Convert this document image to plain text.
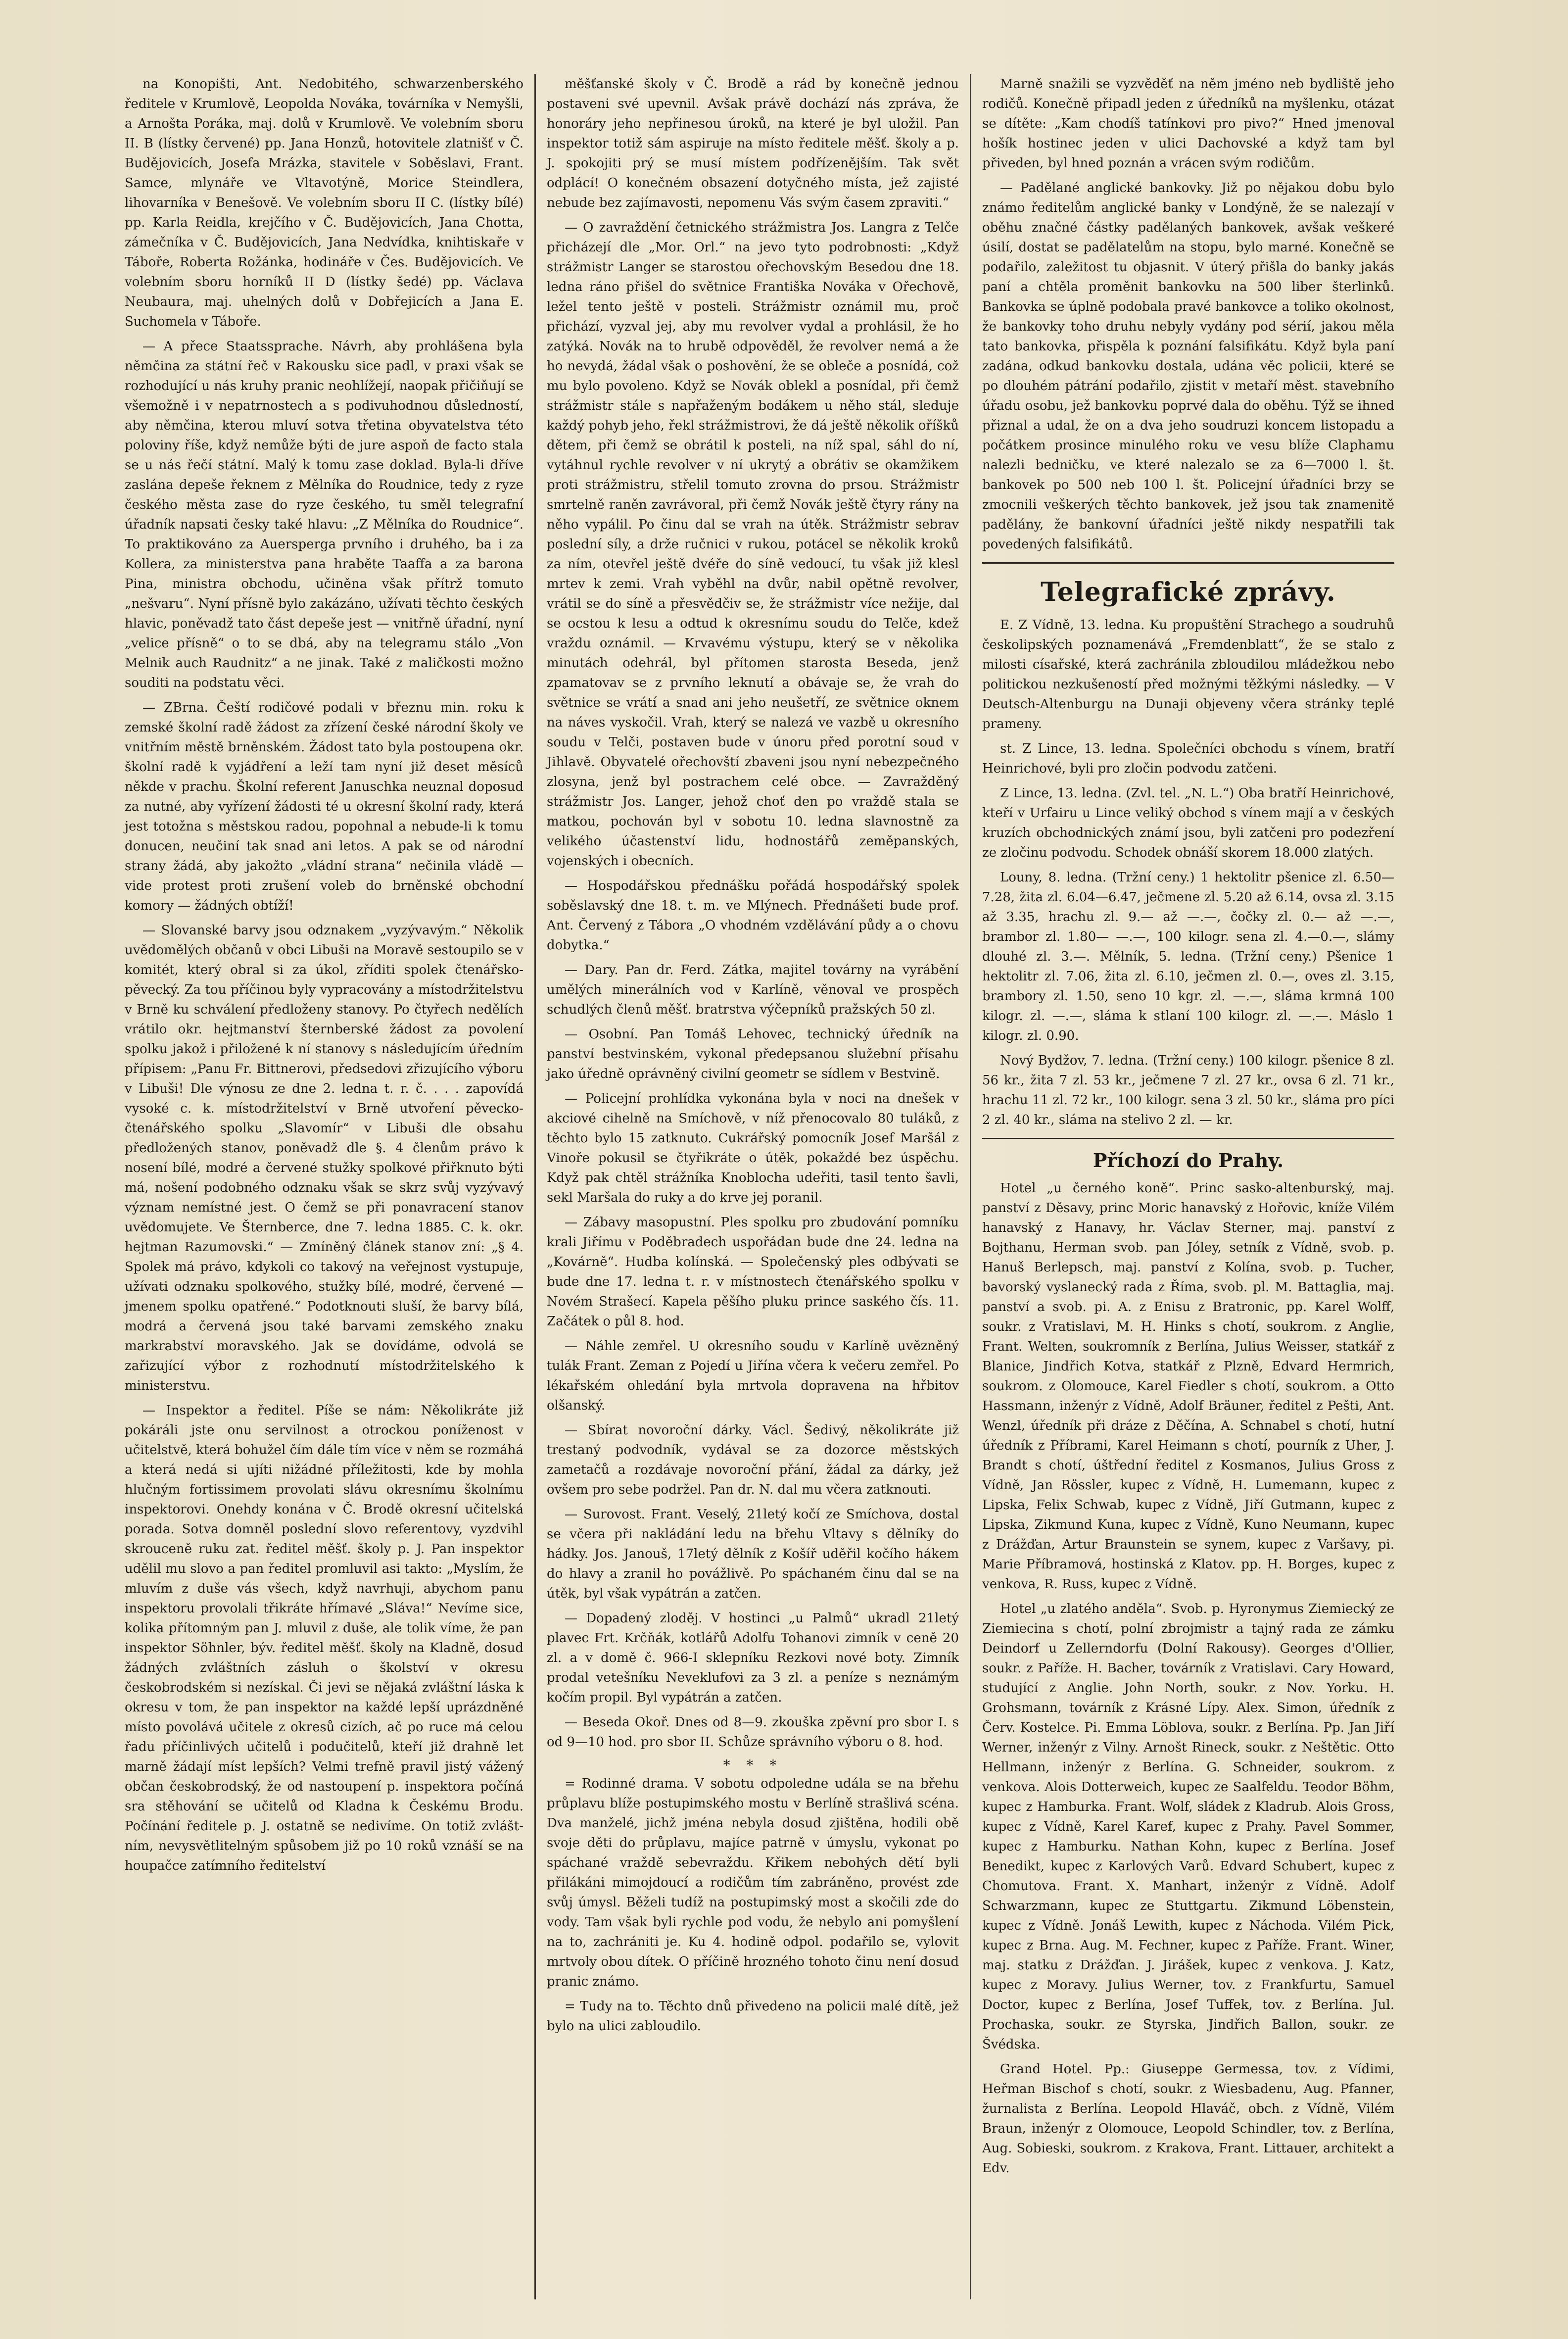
na Konopišti, Ant. Nedobitého, schwarzenberského ředitele v Krumlově, Leopolda Nováka, továrníka v Nemyšli, a Arnošta Poráka, maj. dolů v Krumlově. Ve volebním sboru II. B (lístky červené) pp. Jana Honzů, hotovitele zlatnišť v Č. Budějovicích, Josefa Mrázka, stavitele v Soběslavi, Frant. Samce, mlynáře ve Vltavotýně, Morice Steindlera, lihovarníka v Benešově. Ve volebním sboru II C. (lístky bílé) pp. Karla Reidla, krejčího v Č. Budějovicích, Jana Chotta, zámečníka v Č. Budějovicích, Jana Nedvídka, knihtiskaře v Táboře, Roberta Rožánka, hodináře v Čes. Budějovicích. Ve volebním sboru horníků II D (lístky šedé) pp. Václava Neubaura, maj. uhelných dolů v Dobřejicích a Jana E. Suchomela v Táboře.

— A přece Staatssprache. Návrh, aby prohlášena byla němčina za státní řeč v Rakousku sice padl, v praxi však se rozhodující u nás kruhy pranic neohlížejí, naopak přičiňují se všemožně i v nepatrnostech a s podivuhodnou důsledností, aby němčina, kterou mluví sotva třetina obyvatelstva této poloviny říše, když nemůže býti de jure aspoň de facto stala se u nás řečí státní. Malý k tomu zase doklad. Byla-li dříve zaslána depeše řeknem z Mělníka do Roudnice, tedy z ryze českého města zase do ryze českého, tu směl telegrafní úřadník napsati česky také hlavu: „Z Mělníka do Roudnice“. To praktikováno za Auersperga prvního i druhého, ba i za Kollera, za ministerstva pana hraběte Taaffa a za barona Pina, ministra obchodu, učiněna však přítrž tomuto „nešvaru“. Nyní přísně bylo zakázáno, užívati těchto českých hlavic, poněvadž tato část depeše jest — vnitřně úřadní, nyní „velice přísně“ o to se dbá, aby na telegramu stálo „Von Melnik auch Raudnitz“ a ne jinak. Také z maličkosti možno souditi na podstatu věci.

— ZBrna. Čeští rodičové podali v březnu min. roku k zemské školní radě žádost za zřízení české národní školy ve vnitřním městě brněnském. Žádost tato byla postoupena okr. školní radě k vyjádření a leží tam nyní již deset měsíců někde v prachu. Školní referent Januschka neuznal doposud za nutné, aby vyřízení žádosti té u okresní školní rady, která jest totožna s městskou radou, popohnal a nebude-li k tomu donucen, neučiní tak snad ani letos. A pak se od národní strany žádá, aby jakožto „vládní strana“ nečinila vládě — vide protest proti zrušení voleb do brněnské obchodní komory — žádných obtíží!

— Slovanské barvy jsou odznakem „vyzývavým.“ Několik uvědomělých občanů v obci Libuši na Moravě sestoupilo se v komitét, který obral si za úkol, zříditi spolek čtenářsko-pěvecký. Za tou příčinou byly vypracovány a místodržitelstvu v Brně ku schválení předloženy stanovy. Po čtyřech nedělích vrátilo okr. hejtmanství šternberské žádost za povolení spolku jakož i přiložené k ní stanovy s následujícím úředním přípisem: „Panu Fr. Bittnerovi, předsedovi zřizujícího výboru v Libuši! Dle výnosu ze dne 2. ledna t. r. č. . . . zapovídá vysoké c. k. místodržitelství v Brně utvoření pěvecko-čtenářského spolku „Slavomír“ v Libuši dle obsahu předložených stanov, poněvadž dle §. 4 členům právo k nosení bílé, modré a červené stužky spolkové přiřknuto býti má, nošení podobného odznaku však se skrz svůj vyzývavý význam nemístné jest. O čemž se při ponavracení stanov uvědomujete. Ve Šternberce, dne 7. ledna 1885. C. k. okr. hejtman Razumovski.“ — Zmíněný článek stanov zní: „§ 4. Spolek má právo, kdykoli co takový na veřejnost vystupuje, užívati odznaku spolkového, stužky bílé, modré, červené — jmenem spolku opatřené.“ Podotknouti sluší, že barvy bílá, modrá a červená jsou také barvami zemského znaku markrabství moravského. Jak se dovídáme, odvolá se zařizující výbor z rozhodnutí místodržitelského k ministerstvu.

— Inspektor a ředitel. Píše se nám: Několikráte již pokáráli jste onu servilnost a otrockou poníženost v učitelstvě, která bohužel čím dále tím více v něm se rozmáhá a která nedá si ujíti nižádné příležitosti, kde by mohla hlučným fortissimem provolati slávu okresnímu školnímu inspektorovi. Onehdy konána v Č. Brodě okresní učitelská porada. Sotva domněl poslední slovo referentovy, vyzdvihl skrouceně ruku zat. ředitel měšť. školy p. J. Pan inspektor udělil mu slovo a pan ředitel promluvil asi takto: „Myslím, že mluvím z duše vás všech, když navrhuji, abychom panu inspektoru provolali třikráte hřímavé „Sláva!“ Nevíme sice, kolika přítomným pan J. mluvil z duše, ale tolik víme, že pan inspektor Söhnler, býv. ředitel měšť. školy na Kladně, dosud žádných zvláštních zásluh o školství v okresu českobrodském si nezískal. Či jevi se nějaká zvláštní láska k okresu v tom, že pan inspektor na každé lepší uprázdněné místo povolává učitele z okresů cizích, ač po ruce má celou řadu příčinlivých učitelů i podučitelů, kteří již drahně let marně žádají míst lepších? Velmi trefně pravil jistý vážený občan českobrodský, že od nastoupení p. inspektora počíná sra stěhování se učitelů od Kladna k Českému Brodu. Počínání ředitele p. J. ostatně se nedivíme. On totiž zvlášt-ním, nevysvětlitelným spůsobem již po 10 roků vznáší se na houpačce zatímního ředitelství

měšťanské školy v Č. Brodě a rád by konečně jednou postaveni své upevnil. Avšak právě dochází nás zpráva, že honoráry jeho nepřinesou úroků, na které je byl uložil. Pan inspektor totiž sám aspiruje na místo ředitele měšť. školy a p. J. spokojiti prý se musí místem podřízenějším. Tak svět odplácí! O konečném obsazení dotyčného místa, jež zajisté nebude bez zajímavosti, nepomenu Vás svým časem zpraviti.“

— O zavraždění četnického strážmistra Jos. Langra z Telče přicházejí dle „Mor. Orl.“ na jevo tyto podrobnosti: „Když strážmistr Langer se starostou ořechovským Besedou dne 18. ledna ráno přišel do světnice Františka Nováka v Ořechově, ležel tento ještě v posteli. Strážmistr oznámil mu, proč přichází, vyzval jej, aby mu revolver vydal a prohlásil, že ho zatýká. Novák na to hrubě odpověděl, že revolver nemá a že ho nevydá, žádal však o poshovění, že se obleče a posnídá, což mu bylo povoleno. Když se Novák oblekl a posnídal, při čemž strážmistr stále s napřaženým bodákem u něho stál, sleduje každý pohyb jeho, řekl strážmistrovi, že dá ještě několik oříšků dětem, při čemž se obrátil k posteli, na níž spal, sáhl do ní, vytáhnul rychle revolver v ní ukrytý a obrátiv se okamžikem proti strážmistru, střelil tomuto zrovna do prsou. Strážmistr smrtelně raněn zavrávoral, při čemž Novák ještě čtyry rány na něho vypálil. Po činu dal se vrah na útěk. Strážmistr sebrav poslední síly, a drže ručnici v rukou, potácel se několik kroků za ním, otevřel ještě dvéře do síně vedoucí, tu však již klesl mrtev k zemi. Vrah vyběhl na dvůr, nabil opětně revolver, vrátil se do síně a přesvědčiv se, že strážmistr více nežije, dal se ocstou k lesu a odtud k okresnímu soudu do Telče, kdež vraždu oznámil. — Krvavému výstupu, který se v několika minutách odehrál, byl přítomen starosta Beseda, jenž zpamatovav se z prvního leknutí a obávaje se, že vrah do světnice se vrátí a snad ani jeho neušetří, ze světnice oknem na náves vyskočil. Vrah, který se nalezá ve vazbě u okresního soudu v Telči, postaven bude v únoru před porotní soud v Jihlavě. Obyvatelé ořechovští zbaveni jsou nyní nebezpečného zlosyna, jenž byl postrachem celé obce. — Zavražděný strážmistr Jos. Langer, jehož choť den po vraždě stala se matkou, pochován byl v sobotu 10. ledna slavnostně za velikého účastenství lidu, hodnostářů zeměpanských, vojenských i obecních.

— Hospodářskou přednášku pořádá hospodářský spolek soběslavský dne 18. t. m. ve Mlýnech. Přednášeti bude prof. Ant. Červený z Tábora „O vhodném vzdělávání půdy a o chovu dobytka.“

— Dary. Pan dr. Ferd. Zátka, majitel továrny na vyrábění umělých minerálních vod v Karlíně, věnoval ve prospěch schudlých členů měšť. bratrstva výčepníků pražských 50 zl.

— Osobní. Pan Tomáš Lehovec, technický úředník na panství bestvinském, vykonal předepsanou služební přísahu jako úředně oprávněný civilní geometr se sídlem v Bestvině.

— Policejní prohlídka vykonána byla v noci na dnešek v akciové cihelně na Smíchově, v níž přenocovalo 80 tuláků, z těchto bylo 15 zatknuto. Cukrářský pomocník Josef Maršál z Vinoře pokusil se čtyřikráte o útěk, pokaždé bez úspěchu. Když pak chtěl strážníka Knoblocha udeřiti, tasil tento šavli, sekl Maršala do ruky a do krve jej poranil.

— Zábavy masopustní. Ples spolku pro zbudování pomníku krali Jiřímu v Poděbradech uspořádan bude dne 24. ledna na „Kovárně“. Hudba kolínská. — Společenský ples odbývati se bude dne 17. ledna t. r. v místnostech čtenářského spolku v Novém Strašecí. Kapela pěšího pluku prince saského čís. 11. Začátek o půl 8. hod.

— Náhle zemřel. U okresního soudu v Karlíně uvězněný tulák Frant. Zeman z Pojedí u Jiřína včera k večeru zemřel. Po lékařském ohledání byla mrtvola dopravena na hřbitov olšanský.

— Sbírat novoroční dárky. Václ. Šedivý, několikráte již trestaný podvodník, vydával se za dozorce městských zametačů a rozdávaje novoroční přání, žádal za dárky, jež ovšem pro sebe podržel. Pan dr. N. dal mu včera zatknouti.

— Surovost. Frant. Veselý, 21letý kočí ze Smíchova, dostal se včera při nakládání ledu na břehu Vltavy s dělníky do hádky. Jos. Janouš, 17letý dělník z Košíř uděřil kočího hákem do hlavy a zranil ho povážlivě. Po spáchaném činu dal se na útěk, byl však vypátrán a zatčen.

— Dopadený zloděj. V hostinci „u Palmů“ ukradl 21letý plavec Frt. Krčňák, kotlářů Adolfu Tohanovi zimník v ceně 20 zl. a v domě č. 966-I sklepníku Rezkovi nové boty. Zimník prodal vetešníku Neveklufovi za 3 zl. a peníze s neznámým kočím propil. Byl vypátrán a zatčen.

— Beseda Okoř. Dnes od 8—9. zkouška zpěvní pro sbor I. s od 9—10 hod. pro sbor II. Schůze správního výboru o 8. hod.

* * *

= Rodinné drama. V sobotu odpoledne udála se na břehu průplavu blíže postupimského mostu v Berlíně strašlivá scéna. Dva manželé, jichž jména nebyla dosud zjištěna, hodili obě svoje děti do průplavu, majíce patrně v úmyslu, vykonat po spáchané vraždě sebevraždu. Křikem nebohých dětí byli přilákáni mimojdoucí a rodičům tím zabráněno, provést zde svůj úmysl. Běželi tudíž na postupimský most a skočili zde do vody. Tam však byli rychle pod vodu, že nebylo ani pomyšlení na to, zachrániti je. Ku 4. hodině odpol. podařilo se, vylovit mrtvoly obou dítek. O příčině hrozného tohoto činu není dosud pranic známo.

= Tudy na to. Těchto dnů přivedeno na policii malé dítě, jež bylo na ulici zabloudilo.

Marně snažili se vyzvěděť na něm jméno neb bydliště jeho rodičů. Konečně připadl jeden z úředníků na myšlenku, otázat se dítěte: „Kam chodíš tatínkovi pro pivo?“ Hned jmenoval hošík hostinec jeden v ulici Dachovské a když tam byl přiveden, byl hned poznán a vrácen svým rodičům.

— Padělané anglické bankovky. Již po nějakou dobu bylo známo ředitelům anglické banky v Londýně, že se nalezají v oběhu značné částky padělaných bankovek, avšak veškeré úsilí, dostat se padělatelům na stopu, bylo marné. Konečně se podařilo, zaležitost tu objasnit. V úterý přišla do banky jakás paní a chtěla proměnit bankovku na 500 liber šterlinků. Bankovka se úplně podobala pravé bankovce a toliko okolnost, že bankovky toho druhu nebyly vydány pod sérií, jakou měla tato bankovka, přispěla k poznání falsifikátu. Když byla paní zadána, odkud bankovku dostala, udána věc policii, které se po dlouhém pátrání podařilo, zjistit v metaří měst. stavebního úřadu osobu, jež bankovku poprvé dala do oběhu. Týž se ihned přiznal a udal, že on a dva jeho soudruzi koncem listopadu a počátkem prosince minulého roku ve vesu blíže Claphamu nalezli bedničku, ve které nalezalo se za 6—7000 l. št. bankovek po 500 neb 100 l. št. Policejní úřadníci brzy se zmocnili veškerých těchto bankovek, jež jsou tak znamenitě padělány, že bankovní úřadníci ještě nikdy nespatřili tak povedených falsifikátů.

Telegrafické zprávy.

E. Z Vídně, 13. ledna. Ku propuštění Strachego a soudruhů českolipských poznamenává „Fremdenblatt“, že se stalo z milosti císařské, která zachránila zbloudilou mládežkou nebo politickou nezkušeností před možnými těžkými následky. — V Deutsch-Altenburgu na Dunaji objeveny včera stránky teplé prameny.

st. Z Lince, 13. ledna. Společníci obchodu s vínem, bratří Heinrichové, byli pro zločin podvodu zatčeni.

Z Lince, 13. ledna. (Zvl. tel. „N. L.“) Oba bratří Heinrichové, kteří v Urfairu u Lince veliký obchod s vínem mají a v českých kruzích obchodnických známí jsou, byli zatčeni pro podezření ze zločinu podvodu. Schodek obnáší skorem 18.000 zlatých.

Louny, 8. ledna. (Tržní ceny.) 1 hektolitr pšenice zl. 6.50—7.28, žita zl. 6.04—6.47, ječmene zl. 5.20 až 6.14, ovsa zl. 3.15 až 3.35, hrachu zl. 9.— až —.—, čočky zl. 0.— až —.—, brambor zl. 1.80— —.—, 100 kilogr. sena zl. 4.—0.—, slámy dlouhé zl. 3.—. Mělník, 5. ledna. (Tržní ceny.) Pšenice 1 hektolitr zl. 7.06, žita zl. 6.10, ječmen zl. 0.—, oves zl. 3.15, brambory zl. 1.50, seno 10 kgr. zl. —.—, sláma krmná 100 kilogr. zl. —.—, sláma k stlaní 100 kilogr. zl. —.—. Máslo 1 kilogr. zl. 0.90.

Nový Bydžov, 7. ledna. (Tržní ceny.) 100 kilogr. pšenice 8 zl. 56 kr., žita 7 zl. 53 kr., ječmene 7 zl. 27 kr., ovsa 6 zl. 71 kr., hrachu 11 zl. 72 kr., 100 kilogr. sena 3 zl. 50 kr., sláma pro píci 2 zl. 40 kr., sláma na stelivo 2 zl. — kr.

Příchozí do Prahy.

Hotel „u černého koně“. Princ sasko-altenburský, maj. panství z Děsavy, princ Moric hanavský z Hořovic, kníže Vilém hanavský z Hanavy, hr. Václav Sterner, maj. panství z Bojthanu, Herman svob. pan Jóley, setník z Vídně, svob. p. Hanuš Berlepsch, maj. panství z Kolína, svob. p. Tucher, bavorský vyslanecký rada z Říma, svob. pl. M. Battaglia, maj. panství a svob. pi. A. z Enisu z Bratronic, pp. Karel Wolff, soukr. z Vratislavi, M. H. Hinks s chotí, soukrom. z Anglie, Frant. Welten, soukromník z Berlína, Julius Weisser, statkář z Blanice, Jindřich Kotva, statkář z Plzně, Edvard Hermrich, soukrom. z Olomouce, Karel Fiedler s chotí, soukrom. a Otto Hassmann, inženýr z Vídně, Adolf Bräuner, ředitel z Pešti, Ant. Wenzl, úředník při dráze z Děčína, A. Schnabel s chotí, hutní úředník z Příbrami, Karel Heimann s chotí, pourník z Uher, J. Brandt s chotí, úštřední ředitel z Kosmanos, Julius Gross z Vídně, Jan Rössler, kupec z Vídně, H. Lumemann, kupec z Lipska, Felix Schwab, kupec z Vídně, Jiří Gutmann, kupec z Lipska, Zikmund Kuna, kupec z Vídně, Kuno Neumann, kupec z Drážďan, Artur Braunstein se synem, kupec z Varšavy, pi. Marie Příbramová, hostinská z Klatov. pp. H. Borges, kupec z venkova, R. Russ, kupec z Vídně.

Hotel „u zlatého anděla“. Svob. p. Hyronymus Ziemiecký ze Ziemiecina s chotí, polní zbrojmistr a tajný rada ze zámku Deindorf u Zellerndorfu (Dolní Rakousy). Georges d'Ollier, soukr. z Paříže. H. Bacher, továrník z Vratislavi. Cary Howard, studující z Anglie. John North, soukr. z Nov. Yorku. H. Grohsmann, továrník z Krásné Lípy. Alex. Simon, úředník z Červ. Kostelce. Pi. Emma Löblova, soukr. z Berlína. Pp. Jan Jiří Werner, inženýr z Vilny. Arnošt Rineck, soukr. z Neštětic. Otto Hellmann, inženýr z Berlína. G. Schneider, soukrom. z venkova. Alois Dotterweich, kupec ze Saalfeldu. Teodor Böhm, kupec z Hamburka. Frant. Wolf, sládek z Kladrub. Alois Gross, kupec z Vídně, Karel Karef, kupec z Prahy. Pavel Sommer, kupec z Hamburku. Nathan Kohn, kupec z Berlína. Josef Benedikt, kupec z Karlových Varů. Edvard Schubert, kupec z Chomutova. Frant. X. Manhart, inženýr z Vídně. Adolf Schwarzmann, kupec ze Stuttgartu. Zikmund Löbenstein, kupec z Vídně. Jonáš Lewith, kupec z Náchoda. Vilém Pick, kupec z Brna. Aug. M. Fechner, kupec z Paříže. Frant. Winer, maj. statku z Drážďan. J. Jirášek, kupec z venkova. J. Katz, kupec z Moravy. Julius Werner, tov. z Frankfurtu, Samuel Doctor, kupec z Berlína, Josef Tuffek, tov. z Berlína. Jul. Prochaska, soukr. ze Styrska, Jindřich Ballon, soukr. ze Švédska.

Grand Hotel. Pp.: Giuseppe Germessa, tov. z Vídimi, Heřman Bischof s chotí, soukr. z Wiesbadenu, Aug. Pfanner, žurnalista z Berlína. Leopold Hlaváč, obch. z Vídně, Vilém Braun, inženýr z Olomouce, Leopold Schindler, tov. z Berlína, Aug. Sobieski, soukrom. z Krakova, Frant. Littauer, architekt a Edv.
